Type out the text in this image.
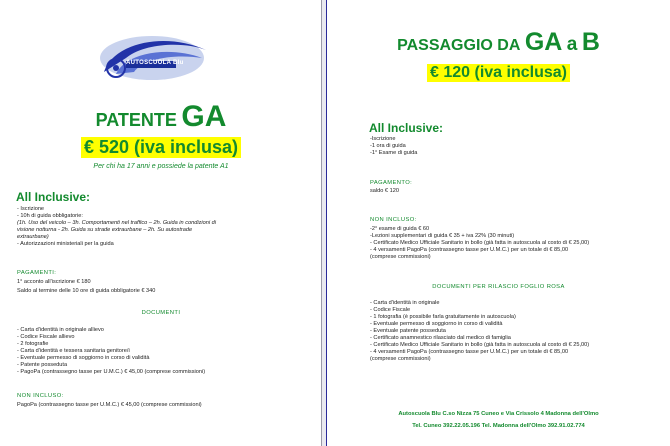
AUTOSCUOLA Blu
PATENTE GA
€ 520 (iva inclusa)
Per chi ha 17 anni e possiede la patente A1
All Inclusive:
- Iscrizione
- 10h di guida obbligatorie:
(1h. Uso del veicolo – 3h. Comportamenti nel traffico – 2h. Guida in condizioni di
visione notturna - 2h. Guida su strade extraurbane – 2h. Su autostrade
extraurbane)
- Autorizzazioni ministeriali per la guida
PAGAMENTI:
1° acconto all'iscrizione € 180
Saldo al termine delle 10 ore di guida obbligatorie € 340
DOCUMENTI
- Carta d'identità in originale allievo
- Codice Fiscale allievo
- 2 fotografie
- Carta d'identità e tessera sanitaria genitore/i
- Eventuale permesso di soggiorno in corso di validità
- Patente posseduta
- PagoPa (contrassegno tasse per U.M.C.) € 45,00 (comprese commissioni)
NON INCLUSO:
PagoPa (contrassegno tasse per U.M.C.) € 45,00 (comprese commissioni)
PASSAGGIO DA GA a B
€ 120 (iva inclusa)
All Inclusive:
-Iscrizione
-1 ora di guida
-1° Esame di guida
PAGAMENTO:
saldo € 120
NON INCLUSO:
-2° esame di guida € 60
-Lezioni supplementari di guida € 35 + iva 22% (30 minuti)
- Certificato Medico Ufficiale Sanitario in bollo (già fatta in autoscuola al costo di € 25,00)
- 4 versamenti PagoPa (contrassegno tasse per U.M.C.) per un totale di € 85,00
(comprese commissioni)
DOCUMENTI PER RILASCIO FOGLIO ROSA
- Carta d'identità in originale
- Codice Fiscale
- 1 fotografia (è possibile farla gratuitamente in autoscuola)
- Eventuale permesso di soggiorno in corso di validità
- Eventuale patente posseduta
- Certificato anamnestico rilasciato dal medico di famiglia
- Certificato Medico Ufficiale Sanitario in bollo (già fatta in autoscuola al costo di € 25,00)
- 4 versamenti PagoPa (contrassegno tasse per U.M.C.) per un totale di € 85,00
(comprese commissioni)
Autoscuola Blu C.so Nizza 75 Cuneo e Via Crissolo 4 Madonna dell'Olmo
Tel. Cuneo 392.22.05.196 Tel. Madonna dell'Olmo 392.91.02.774
